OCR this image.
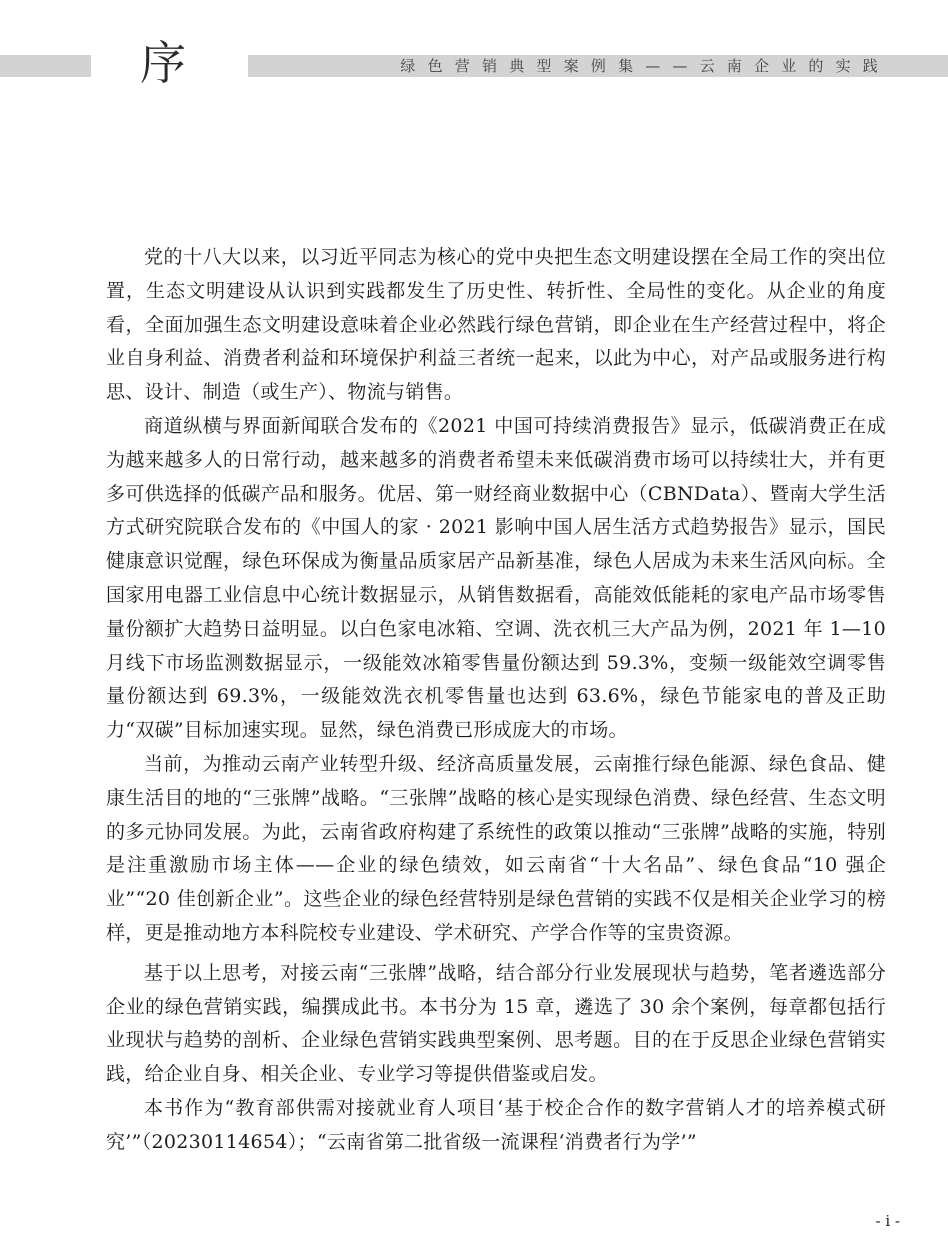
序	绿色营销典型案例集——云南企业的实践

党的十八大以来，以习近平同志为核心的党中央把生态文明建设摆在全局工作的突出位置，生态文明建设从认识到实践都发生了历史性、转折性、全局性的变化。从企业的角度看，全面加强生态文明建设意味着企业必然践行绿色营销，即企业在生产经营过程中，将企业自身利益、消费者利益和环境保护利益三者统一起来，以此为中心，对产品或服务进行构思、设计、制造（或生产）、物流与销售。

商道纵横与界面新闻联合发布的《2021 中国可持续消费报告》显示，低碳消费正在成为越来越多人的日常行动，越来越多的消费者希望未来低碳消费市场可以持续壮大，并有更多可供选择的低碳产品和服务。优居、第一财经商业数据中心（CBNData）、暨南大学生活方式研究院联合发布的《中国人的家 · 2021 影响中国人居生活方式趋势报告》显示，国民健康意识觉醒，绿色环保成为衡量品质家居产品新基准，绿色人居成为未来生活风向标。全国家用电器工业信息中心统计数据显示，从销售数据看，高能效低能耗的家电产品市场零售量份额扩大趋势日益明显。以白色家电冰箱、空调、洗衣机三大产品为例，2021 年 1—10 月线下市场监测数据显示，一级能效冰箱零售量份额达到 59.3%，变频一级能效空调零售量份额达到 69.3%，一级能效洗衣机零售量也达到 63.6%，绿色节能家电的普及正助力“双碳”目标加速实现。显然，绿色消费已形成庞大的市场。

当前，为推动云南产业转型升级、经济高质量发展，云南推行绿色能源、绿色食品、健康生活目的地的“三张牌”战略。“三张牌”战略的核心是实现绿色消费、绿色经营、生态文明的多元协同发展。为此，云南省政府构建了系统性的政策以推动“三张牌”战略的实施，特别是注重激励市场主体——企业的绿色绩效，如云南省“十大名品”、绿色食品“10 强企业”“20 佳创新企业”。这些企业的绿色经营特别是绿色营销的实践不仅是相关企业学习的榜样，更是推动地方本科院校专业建设、学术研究、产学合作等的宝贵资源。

基于以上思考，对接云南“三张牌”战略，结合部分行业发展现状与趋势，笔者遴选部分企业的绿色营销实践，编撰成此书。本书分为 15 章，遴选了 30 余个案例，每章都包括行业现状与趋势的剖析、企业绿色营销实践典型案例、思考题。目的在于反思企业绿色营销实践，给企业自身、相关企业、专业学习等提供借鉴或启发。

本书作为“教育部供需对接就业育人项目‘基于校企合作的数字营销人才的培养模式研究’”（20230114654）；“云南省第二批省级一流课程‘消费者行为学’”

- i -
